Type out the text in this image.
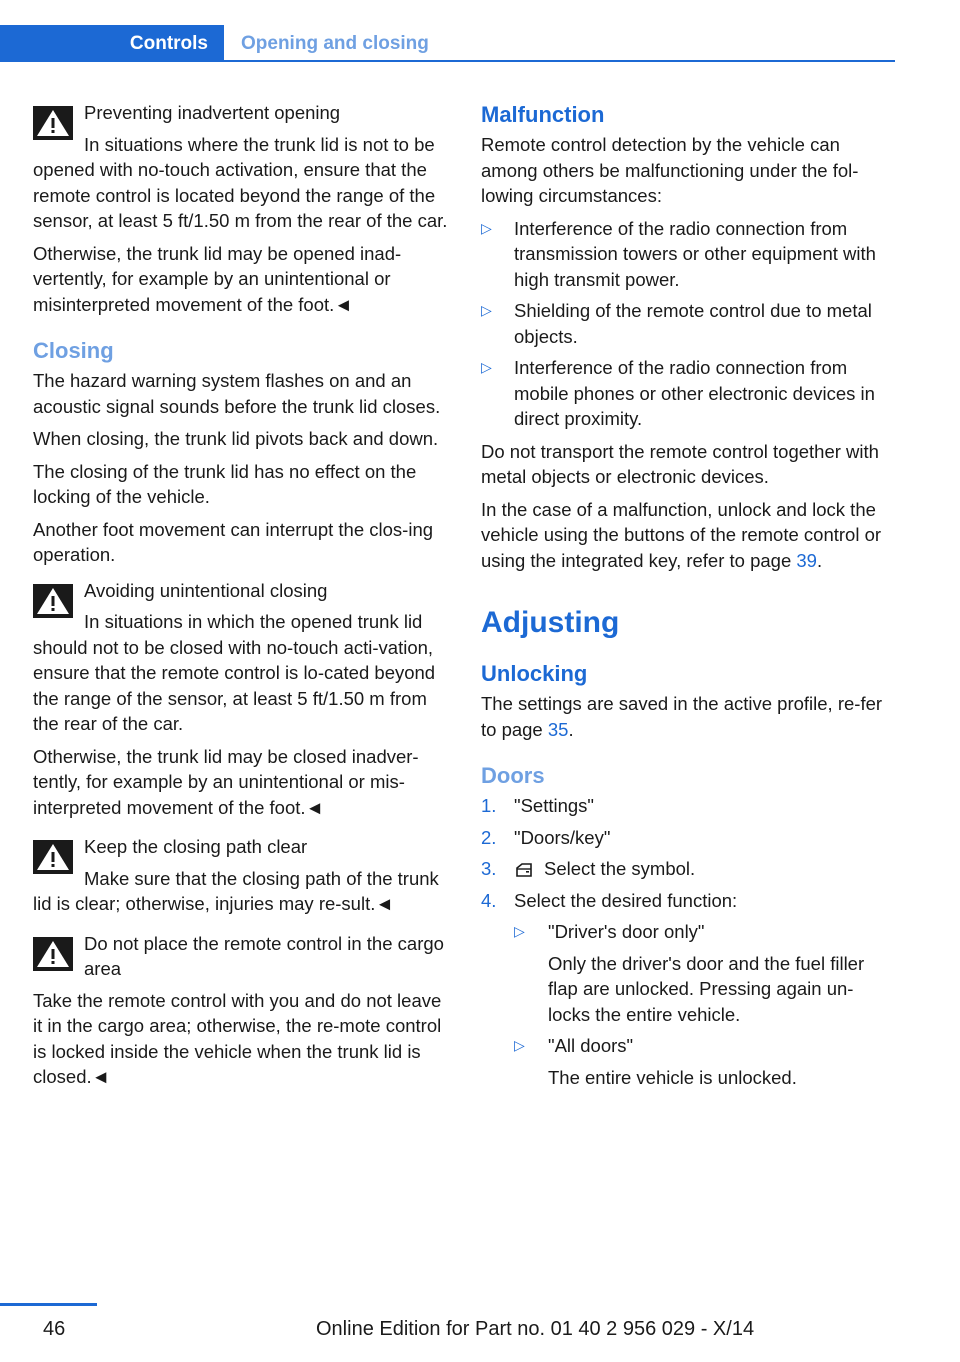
Controls	Opening and closing
Preventing inadvertent opening

In situations where the trunk lid is not to be opened with no-touch activation, ensure that the remote control is located beyond the range of the sensor, at least 5 ft/1.50 m from the rear of the car.

Otherwise, the trunk lid may be opened inad‐vertently, for example by an unintentional or misinterpreted movement of the foot.◄

Closing

The hazard warning system flashes on and an acoustic signal sounds before the trunk lid closes.

When closing, the trunk lid pivots back and down.

The closing of the trunk lid has no effect on the locking of the vehicle.

Another foot movement can interrupt the clos‐ing operation.

Avoiding unintentional closing

In situations in which the opened trunk lid should not to be closed with no-touch acti‐vation, ensure that the remote control is lo‐cated beyond the range of the sensor, at least 5 ft/1.50 m from the rear of the car.

Otherwise, the trunk lid may be closed inadver‐tently, for example by an unintentional or mis‐interpreted movement of the foot.◄

Keep the closing path clear

Make sure that the closing path of the trunk lid is clear; otherwise, injuries may re‐sult.◄

Do not place the remote control in the cargo area

Take the remote control with you and do not leave it in the cargo area; otherwise, the re‐mote control is locked inside the vehicle when the trunk lid is closed.◄

Malfunction

Remote control detection by the vehicle can among others be malfunctioning under the fol‐lowing circumstances:

▷ Interference of the radio connection from transmission towers or other equipment with high transmit power.
▷ Shielding of the remote control due to metal objects.
▷ Interference of the radio connection from mobile phones or other electronic devices in direct proximity.

Do not transport the remote control together with metal objects or electronic devices.

In the case of a malfunction, unlock and lock the vehicle using the buttons of the remote control or using the integrated key, refer to page 39.

Adjusting
Unlocking

The settings are saved in the active profile, re‐fer to page 35.

Doors
1. "Settings"
2. "Doors/key"
3.	Select the symbol.
4. Select the desired function:
▷ "Driver's door only"
Only the driver's door and the fuel filler flap are unlocked. Pressing again un‐locks the entire vehicle.
▷ "All doors"
The entire vehicle is unlocked.
46	Online Edition for Part no. 01 40 2 956 029 - X/14
